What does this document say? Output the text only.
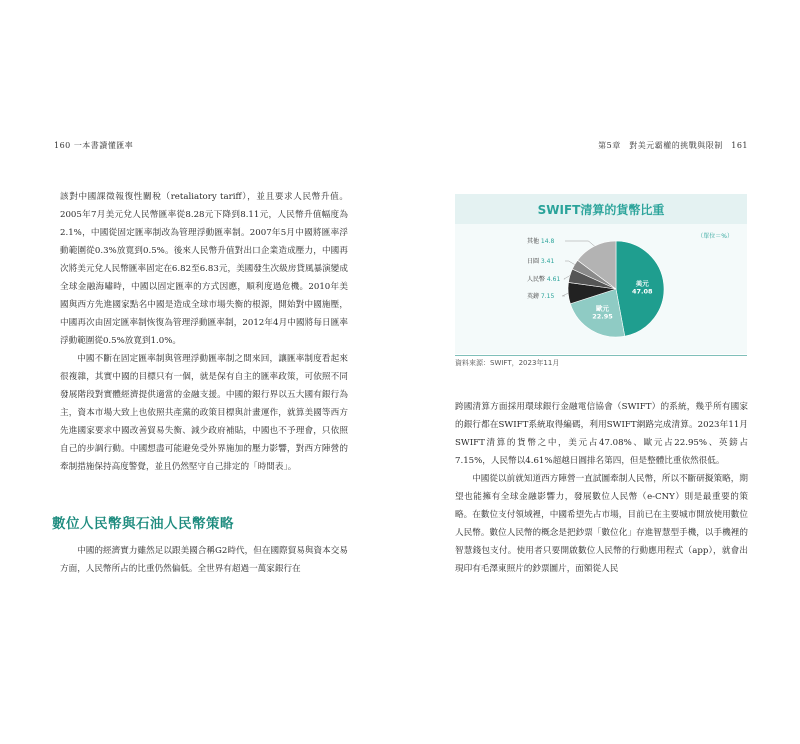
160 一本書讀懂匯率	第5章　對美元霸權的挑戰與限制　161

該對中國課徵報復性關稅（retaliatory tariff），並且要求人民幣升值。2005年7月美元兌人民幣匯率從8.28元下降到8.11元，人民幣升值幅度為2.1%，中國從固定匯率制改為管理浮動匯率制。2007年5月中國將匯率浮動範圍從0.3%放寬到0.5%。後來人民幣升值對出口企業造成壓力，中國再次將美元兌人民幣匯率固定在6.82至6.83元，美國發生次級房貸風暴演變成全球金融海嘯時，中國以固定匯率的方式因應，順利度過危機。2010年美國與西方先進國家點名中國是造成全球市場失衡的根源，開始對中國施壓，中國再次由固定匯率制恢復為管理浮動匯率制，2012年4月中國將每日匯率浮動範圍從0.5%放寬到1.0%。

中國不斷在固定匯率制與管理浮動匯率制之間來回，讓匯率制度看起來很複雜，其實中國的目標只有一個，就是保有自主的匯率政策，可依照不同發展階段對實體經濟提供適當的金融支援。中國的銀行界以五大國有銀行為主，資本市場大致上也依照共產黨的政策目標與計畫運作，就算美國等西方先進國家要求中國改善貿易失衡、減少政府補貼，中國也不予理會，只依照自己的步調行動。中國想盡可能避免受外界施加的壓力影響，對西方陣營的牽制措施保持高度警覺，並且仍然堅守自己排定的「時間表」。

數位人民幣與石油人民幣策略

中國的經濟實力雖然足以跟美國合稱G2時代，但在國際貿易與資本交易方面，人民幣所占的比重仍然偏低。全世界有超過一萬家銀行在

SWIFT清算的貨幣比重
（單位＝%）
美元
47.08
歐元
22.95
英鎊 7.15
人民幣 4.61
日圓 3.41
其他 14.8
資料來源：SWIFT，2023年11月

跨國清算方面採用環球銀行金融電信協會（SWIFT）的系統，幾乎所有國家的銀行都在SWIFT系統取得編碼，利用SWIFT網路完成清算。2023年11月SWIFT清算的貨幣之中，美元占47.08%、歐元占22.95%、英鎊占7.15%，人民幣以4.61%超越日圓排名第四，但是整體比重依然很低。

中國從以前就知道西方陣營一直試圖牽制人民幣，所以不斷研擬策略，期望也能擁有全球金融影響力，發展數位人民幣（e-CNY）則是最重要的策略。在數位支付領域裡，中國希望先占市場，目前已在主要城市開放使用數位人民幣。數位人民幣的概念是把鈔票「數位化」存進智慧型手機，以手機裡的智慧錢包支付。使用者只要開啟數位人民幣的行動應用程式（app），就會出現印有毛澤東照片的鈔票圖片，面額從人民
